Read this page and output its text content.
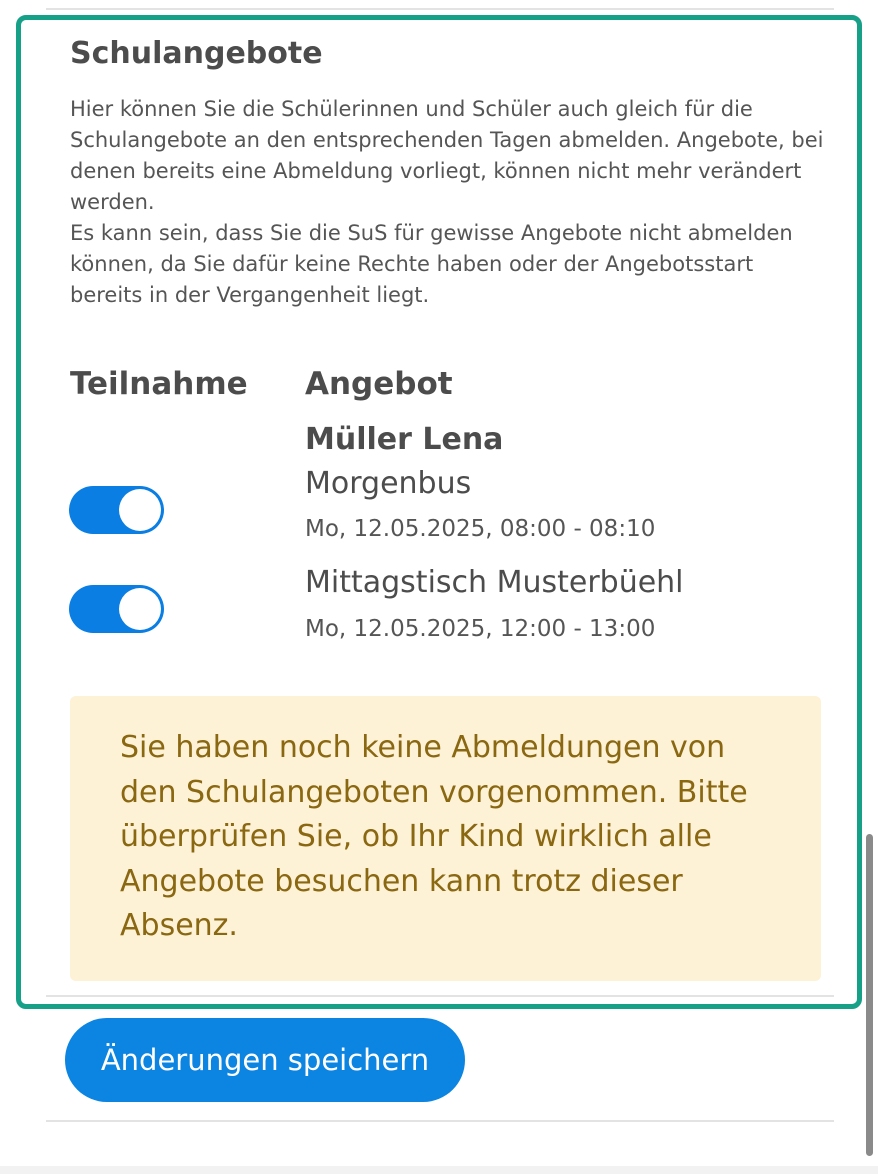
Schulangebote

Hier können Sie die Schülerinnen und Schüler auch gleich für die Schulangebote an den entsprechenden Tagen abmelden. Angebote, bei denen bereits eine Abmeldung vorliegt, können nicht mehr verändert werden.

Es kann sein, dass Sie die SuS für gewisse Angebote nicht abmelden können, da Sie dafür keine Rechte haben oder der Angebotsstart bereits in der Vergangenheit liegt.

Teilnahme Angebot
Müller Lena
Morgenbus
Mo, 12.05.2025, 08:00 - 08:10
Mittagstisch Musterbüehl
Mo, 12.05.2025, 12:00 - 13:00
Sie haben noch keine Abmeldungen von den Schulangeboten vorgenommen. Bitte überprüfen Sie, ob Ihr Kind wirklich alle Angebote besuchen kann trotz dieser Absenz.
Änderungen speichern
